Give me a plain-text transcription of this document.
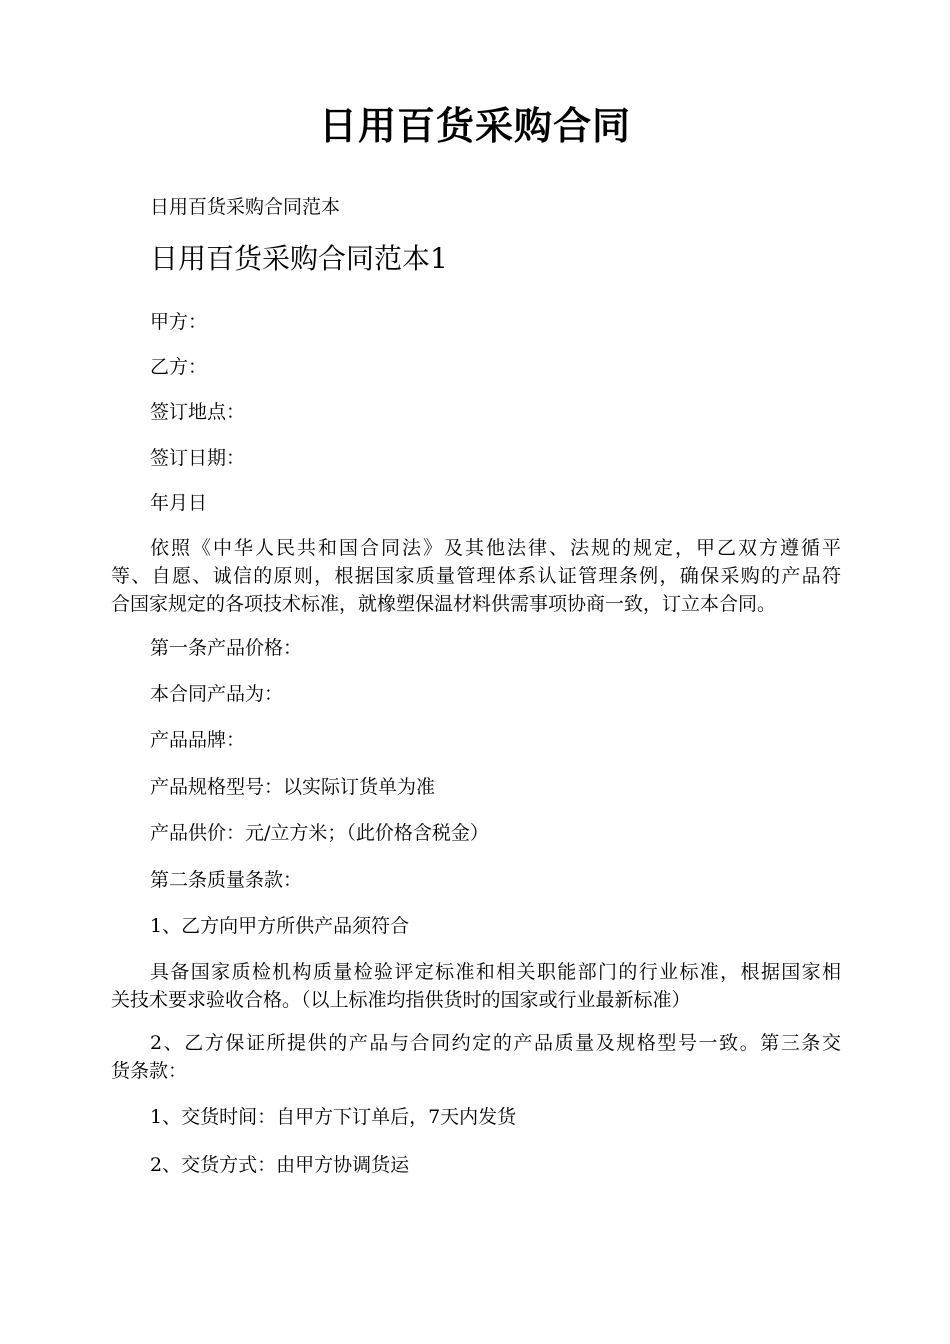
日用百货采购合同
日用百货采购合同范本
日用百货采购合同范本1
甲方：
乙方：
签订地点：
签订日期：
年月日
依照《中华人民共和国合同法》及其他法律、法规的规定，甲乙双方遵循平
等、自愿、诚信的原则，根据国家质量管理体系认证管理条例，确保采购的产品符
合国家规定的各项技术标准，就橡塑保温材料供需事项协商一致，订立本合同。
第一条产品价格：
本合同产品为：
产品品牌：
产品规格型号：以实际订货单为准
产品供价：元/立方米；（此价格含税金）
第二条质量条款：
1、乙方向甲方所供产品须符合
具备国家质检机构质量检验评定标准和相关职能部门的行业标准，根据国家相
关技术要求验收合格。（以上标准均指供货时的国家或行业最新标准）
2、乙方保证所提供的产品与合同约定的产品质量及规格型号一致。第三条交
货条款：
1、交货时间：自甲方下订单后，7天内发货
2、交货方式：由甲方协调货运
